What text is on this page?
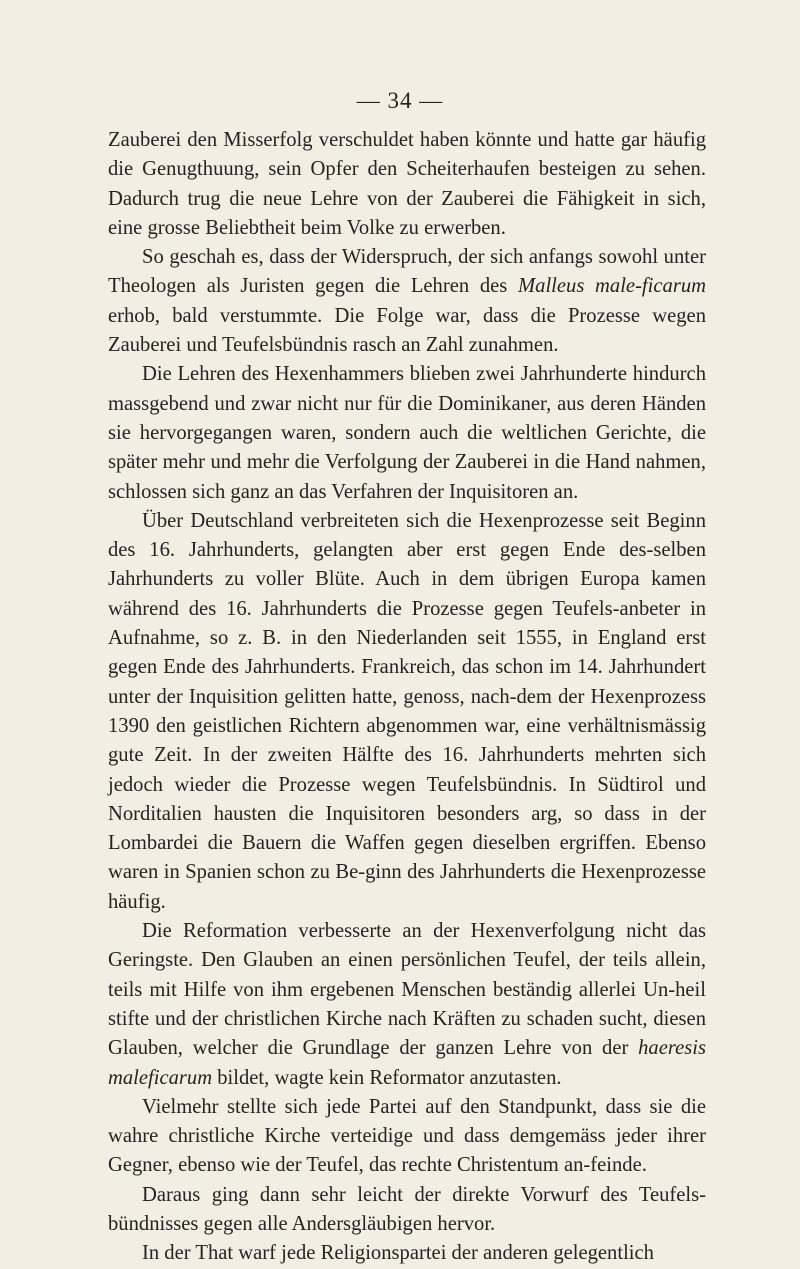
— 34 —

Zauberei den Misserfolg verschuldet haben könnte und hatte gar häufig die Genugthuung, sein Opfer den Scheiterhaufen besteigen zu sehen. Dadurch trug die neue Lehre von der Zauberei die Fähigkeit in sich, eine grosse Beliebtheit beim Volke zu erwerben.

So geschah es, dass der Widerspruch, der sich anfangs sowohl unter Theologen als Juristen gegen die Lehren des Malleus male-ficarum erhob, bald verstummte. Die Folge war, dass die Prozesse wegen Zauberei und Teufelsbündnis rasch an Zahl zunahmen.

Die Lehren des Hexenhammers blieben zwei Jahrhunderte hindurch massgebend und zwar nicht nur für die Dominikaner, aus deren Händen sie hervorgegangen waren, sondern auch die weltlichen Gerichte, die später mehr und mehr die Verfolgung der Zauberei in die Hand nahmen, schlossen sich ganz an das Verfahren der Inquisitoren an.

Über Deutschland verbreiteten sich die Hexenprozesse seit Beginn des 16. Jahrhunderts, gelangten aber erst gegen Ende des-selben Jahrhunderts zu voller Blüte. Auch in dem übrigen Europa kamen während des 16. Jahrhunderts die Prozesse gegen Teufels-anbeter in Aufnahme, so z. B. in den Niederlanden seit 1555, in England erst gegen Ende des Jahrhunderts. Frankreich, das schon im 14. Jahrhundert unter der Inquisition gelitten hatte, genoss, nach-dem der Hexenprozess 1390 den geistlichen Richtern abgenommen war, eine verhältnismässig gute Zeit. In der zweiten Hälfte des 16. Jahrhunderts mehrten sich jedoch wieder die Prozesse wegen Teufelsbündnis. In Südtirol und Norditalien hausten die Inquisitoren besonders arg, so dass in der Lombardei die Bauern die Waffen gegen dieselben ergriffen. Ebenso waren in Spanien schon zu Be-ginn des Jahrhunderts die Hexenprozesse häufig.

Die Reformation verbesserte an der Hexenverfolgung nicht das Geringste. Den Glauben an einen persönlichen Teufel, der teils allein, teils mit Hilfe von ihm ergebenen Menschen beständig allerlei Un-heil stifte und der christlichen Kirche nach Kräften zu schaden sucht, diesen Glauben, welcher die Grundlage der ganzen Lehre von der haeresis maleficarum bildet, wagte kein Reformator anzutasten.

Vielmehr stellte sich jede Partei auf den Standpunkt, dass sie die wahre christliche Kirche verteidige und dass demgemäss jeder ihrer Gegner, ebenso wie der Teufel, das rechte Christentum an-feinde.

Daraus ging dann sehr leicht der direkte Vorwurf des Teufels-bündnisses gegen alle Andersgläubigen hervor.

In der That warf jede Religionspartei der anderen gelegentlich
